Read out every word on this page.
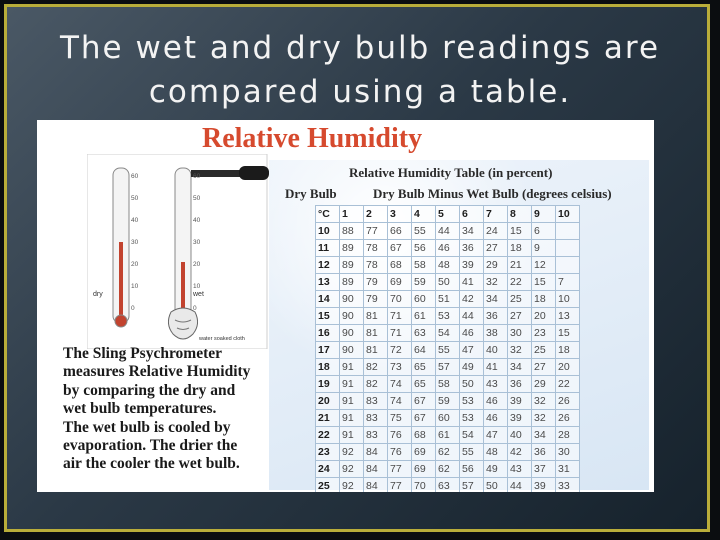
The wet and dry bulb readings are
compared using a table.
Relative Humidity
60
50
40
30
20
10
0
60
50
40
30
20
10
0
dry	wet
water soaked cloth
The Sling Psychrometer
measures Relative Humidity
by comparing the dry and
wet bulb temperatures.
The wet bulb is cooled by
evaporation. The drier the
air the cooler the wet bulb.
Relative Humidity Table (in percent)
Dry Bulb	Dry Bulb Minus Wet Bulb (degrees celsius)
°C	1	2	3	4	5	6	7	8	9	10
10	88	77	66	55	44	34	24	15	6	
11	89	78	67	56	46	36	27	18	9	
12	89	78	68	58	48	39	29	21	12	
13	89	79	69	59	50	41	32	22	15	7
14	90	79	70	60	51	42	34	25	18	10
15	90	81	71	61	53	44	36	27	20	13
16	90	81	71	63	54	46	38	30	23	15
17	90	81	72	64	55	47	40	32	25	18
18	91	82	73	65	57	49	41	34	27	20
19	91	82	74	65	58	50	43	36	29	22
20	91	83	74	67	59	53	46	39	32	26
21	91	83	75	67	60	53	46	39	32	26
22	91	83	76	68	61	54	47	40	34	28
23	92	84	76	69	62	55	48	42	36	30
24	92	84	77	69	62	56	49	43	37	31
25	92	84	77	70	63	57	50	44	39	33
